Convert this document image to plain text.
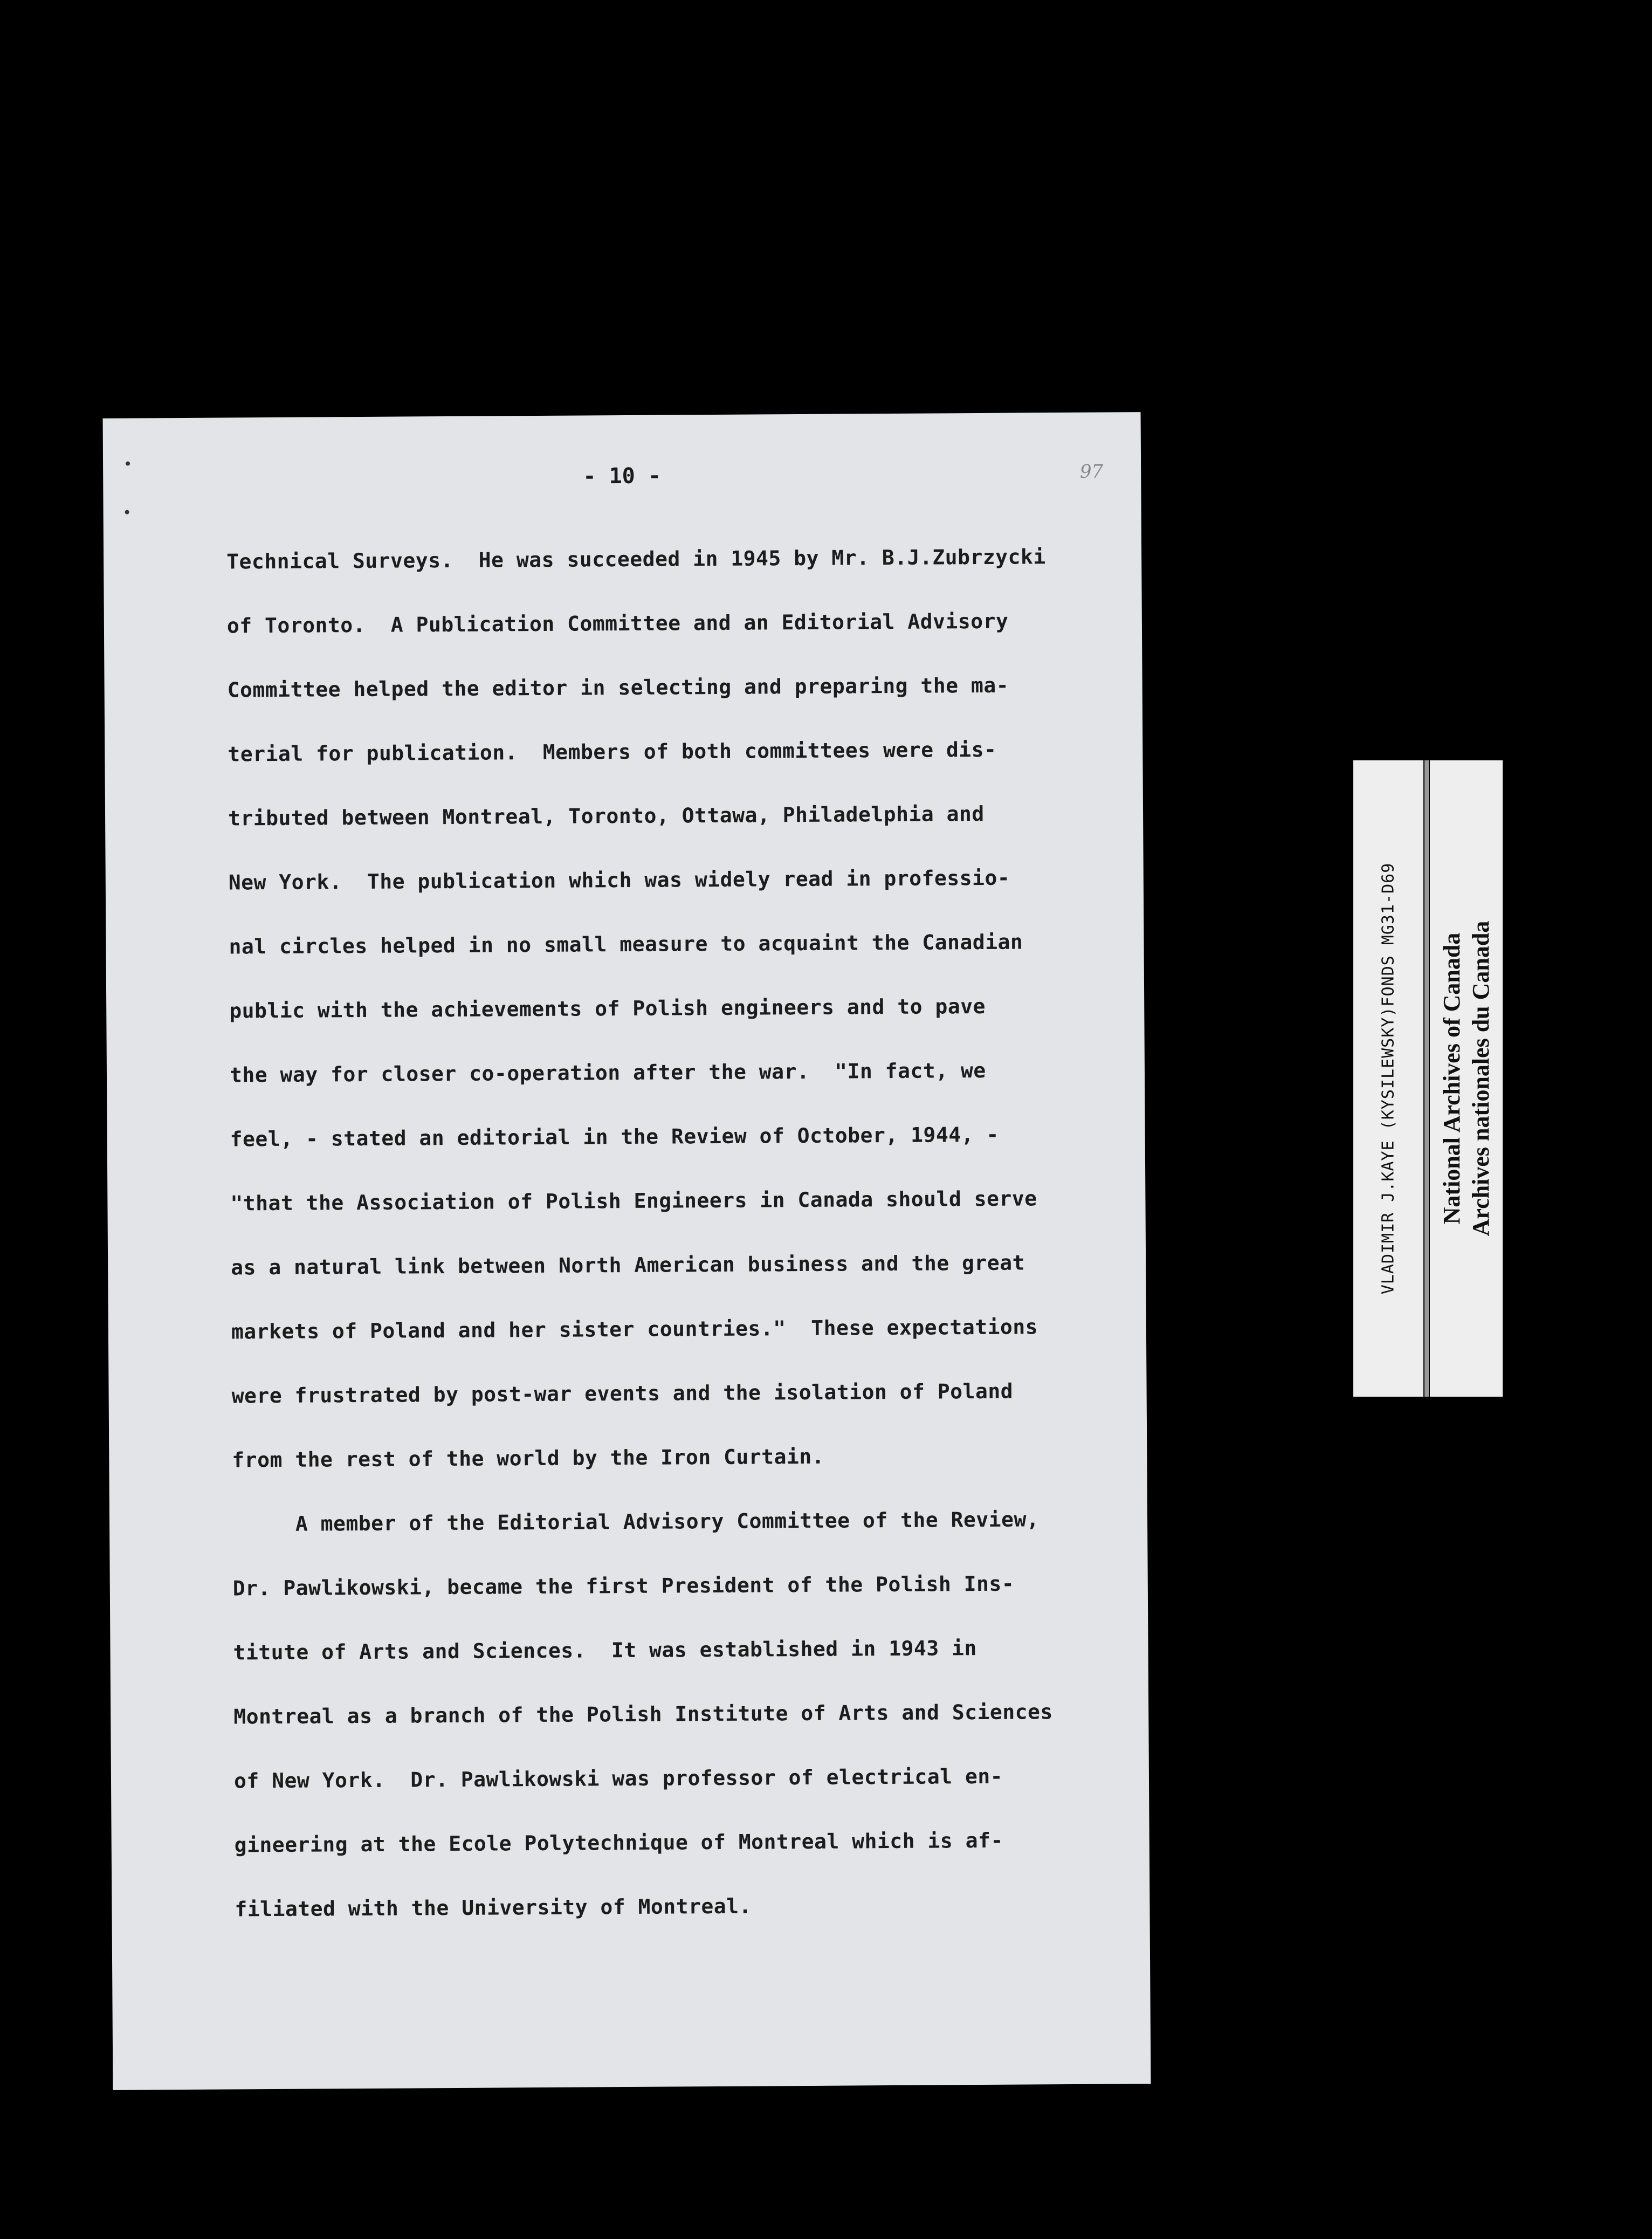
- 10 -	97
Technical Surveys.  He was succeeded in 1945 by Mr. B.J.Zubrzycki
of Toronto.  A Publication Committee and an Editorial Advisory
Committee helped the editor in selecting and preparing the ma-
terial for publication.  Members of both committees were dis-
tributed between Montreal, Toronto, Ottawa, Philadelphia and
New York.  The publication which was widely read in professio-
nal circles helped in no small measure to acquaint the Canadian
public with the achievements of Polish engineers and to pave
the way for closer co-operation after the war.  "In fact, we
feel, - stated an editorial in the Review of October, 1944, -
"that the Association of Polish Engineers in Canada should serve
as a natural link between North American business and the great
markets of Poland and her sister countries."  These expectations
were frustrated by post-war events and the isolation of Poland
from the rest of the world by the Iron Curtain.
A member of the Editorial Advisory Committee of the Review,
Dr. Pawlikowski, became the first President of the Polish Ins-
titute of Arts and Sciences.  It was established in 1943 in
Montreal as a branch of the Polish Institute of Arts and Sciences
of New York.  Dr. Pawlikowski was professor of electrical en-
gineering at the Ecole Polytechnique of Montreal which is af-
filiated with the University of Montreal.
VLADIMIR J.KAYE (KYSILEWSKY)FONDS MG31-D69 National Archives of Canada Archives nationales du Canada
